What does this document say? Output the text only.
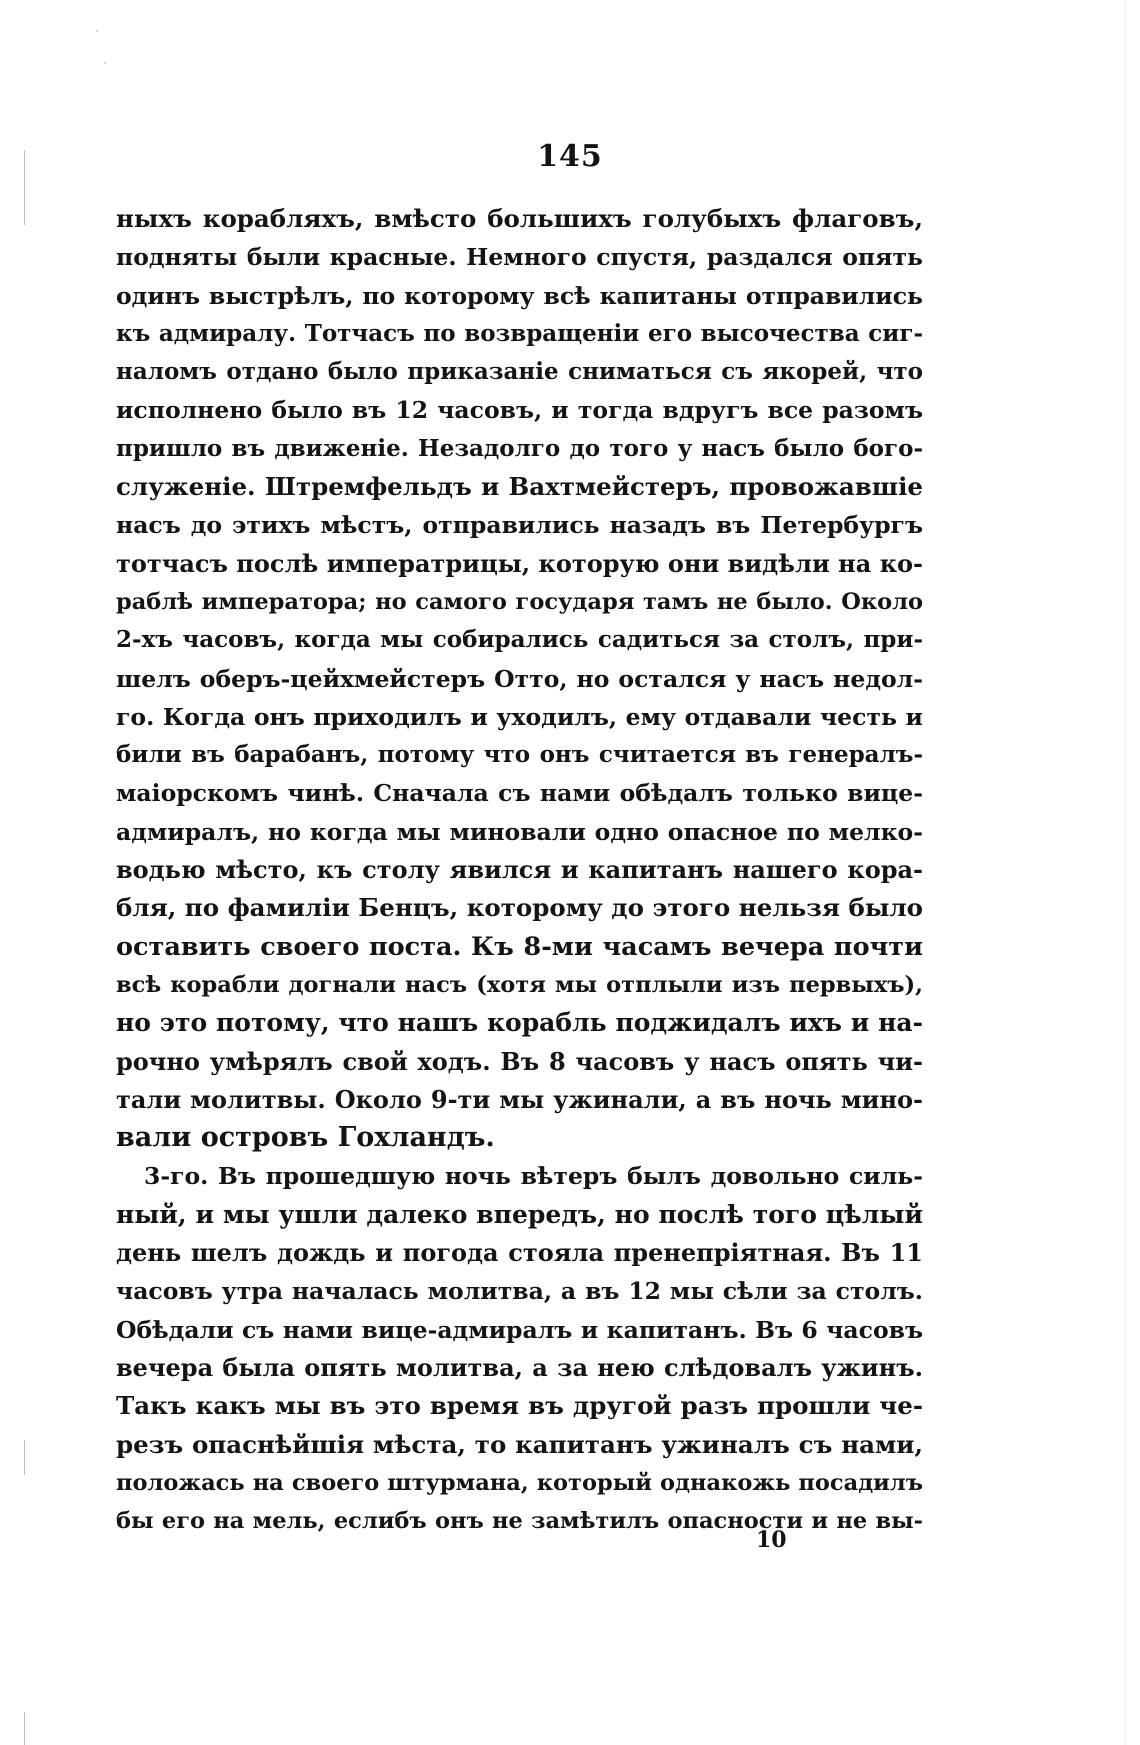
145
ныхъ корабляхъ, вмѣсто большихъ голубыхъ флаговъ,
подняты были красные. Немного спустя, раздался опять
одинъ выстрѣлъ, по которому всѣ капитаны отправились
къ адмиралу. Тотчасъ по возвращеніи его высочества сиг-
наломъ отдано было приказаніе сниматься съ якорей, что
исполнено было въ 12 часовъ, и тогда вдругъ все разомъ
пришло въ движеніе. Незадолго до того у насъ было бого-
служеніе. Штремфельдъ и Вахтмейстеръ, провожавшіе
насъ до этихъ мѣстъ, отправились назадъ въ Петербургъ
тотчасъ послѣ императрицы, которую они видѣли на ко-
раблѣ императора; но самого государя тамъ не было. Около
2-хъ часовъ, когда мы собирались садиться за столъ, при-
шелъ оберъ-цейхмейстеръ Отто, но остался у насъ недол-
го. Когда онъ приходилъ и уходилъ, ему отдавали честь и
били въ барабанъ, потому что онъ считается въ генералъ-
маіорскомъ чинѣ. Сначала съ нами обѣдалъ только вице-
адмиралъ, но когда мы миновали одно опасное по мелко-
водью мѣсто, къ столу явился и капитанъ нашего кора-
бля, по фамиліи Бенцъ, которому до этого нельзя было
оставить своего поста. Къ 8-ми часамъ вечера почти
всѣ корабли догнали насъ (хотя мы отплыли изъ первыхъ),
но это потому, что нашъ корабль поджидалъ ихъ и на-
рочно умѣрялъ свой ходъ. Въ 8 часовъ у насъ опять чи-
тали молитвы. Около 9-ти мы ужинали, а въ ночь мино-
вали островъ Гохландъ.
3-го. Въ прошедшую ночь вѣтеръ былъ довольно силь-
ный, и мы ушли далеко впередъ, но послѣ того цѣлый
день шелъ дождь и погода стояла пренепріятная. Въ 11
часовъ утра началась молитва, а въ 12 мы сѣли за столъ.
Обѣдали съ нами вице-адмиралъ и капитанъ. Въ 6 часовъ
вечера была опять молитва, а за нею слѣдовалъ ужинъ.
Такъ какъ мы въ это время въ другой разъ прошли че-
резъ опаснѣйшія мѣста, то капитанъ ужиналъ съ нами,
положась на своего штурмана, который однакожь посадилъ
бы его на мель, еслибъ онъ не замѣтилъ опасности и не вы-
10
